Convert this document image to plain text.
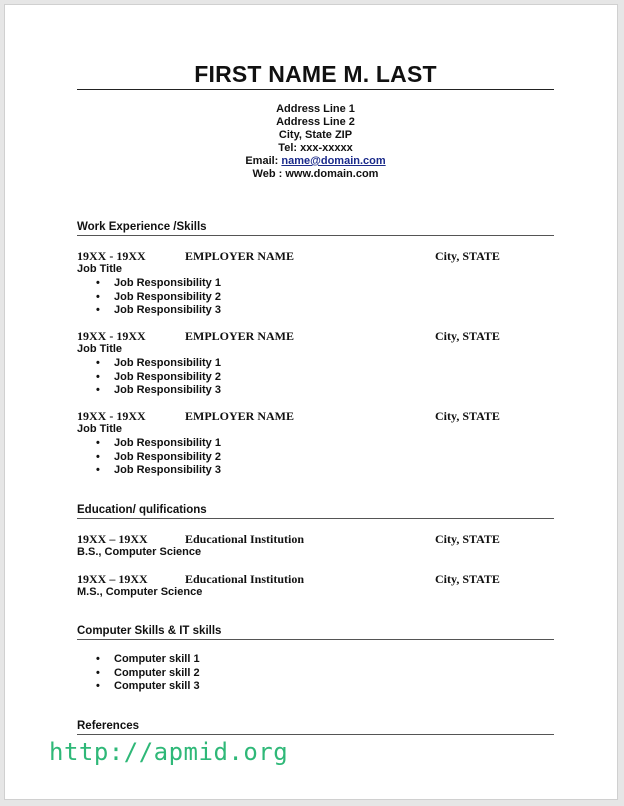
FIRST NAME M. LAST
Address Line 1
Address Line 2
City, State ZIP
Tel: xxx-xxxxx
Email: name@domain.com
Web : www.domain.com
Work Experience /Skills
19XX - 19XX	EMPLOYER NAME	City, STATE
Job Title
• Job Responsibility 1
• Job Responsibility 2
• Job Responsibility 3
19XX - 19XX	EMPLOYER NAME	City, STATE
Job Title
• Job Responsibility 1
• Job Responsibility 2
• Job Responsibility 3
19XX - 19XX	EMPLOYER NAME	City, STATE
Job Title
• Job Responsibility 1
• Job Responsibility 2
• Job Responsibility 3
Education/ qulifications
19XX – 19XX	Educational Institution	City, STATE
B.S., Computer Science
19XX – 19XX	Educational Institution	City, STATE
M.S., Computer Science
Computer Skills & IT skills
• Computer skill 1
• Computer skill 2
• Computer skill 3
References
http://apmid.org
